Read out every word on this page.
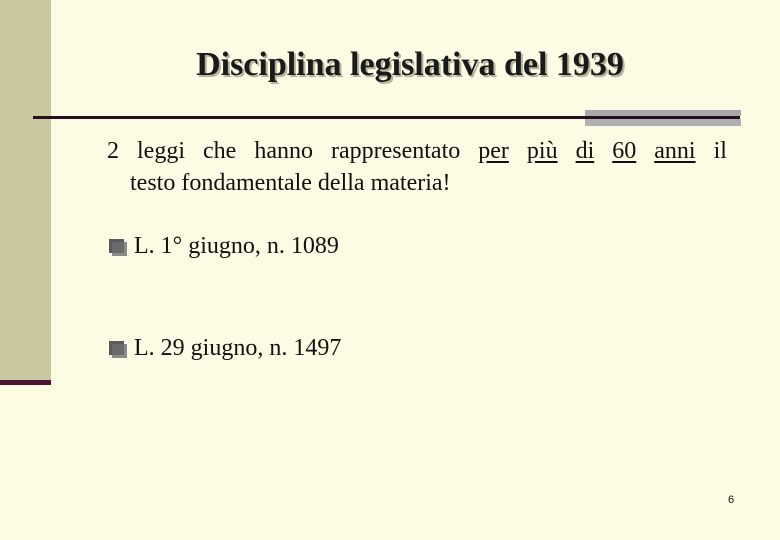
Disciplina legislativa del 1939
2 leggi che hanno rappresentato per più di 60 anni il
testo fondamentale della materia!
L. 1° giugno, n. 1089
L. 29 giugno, n. 1497
6
